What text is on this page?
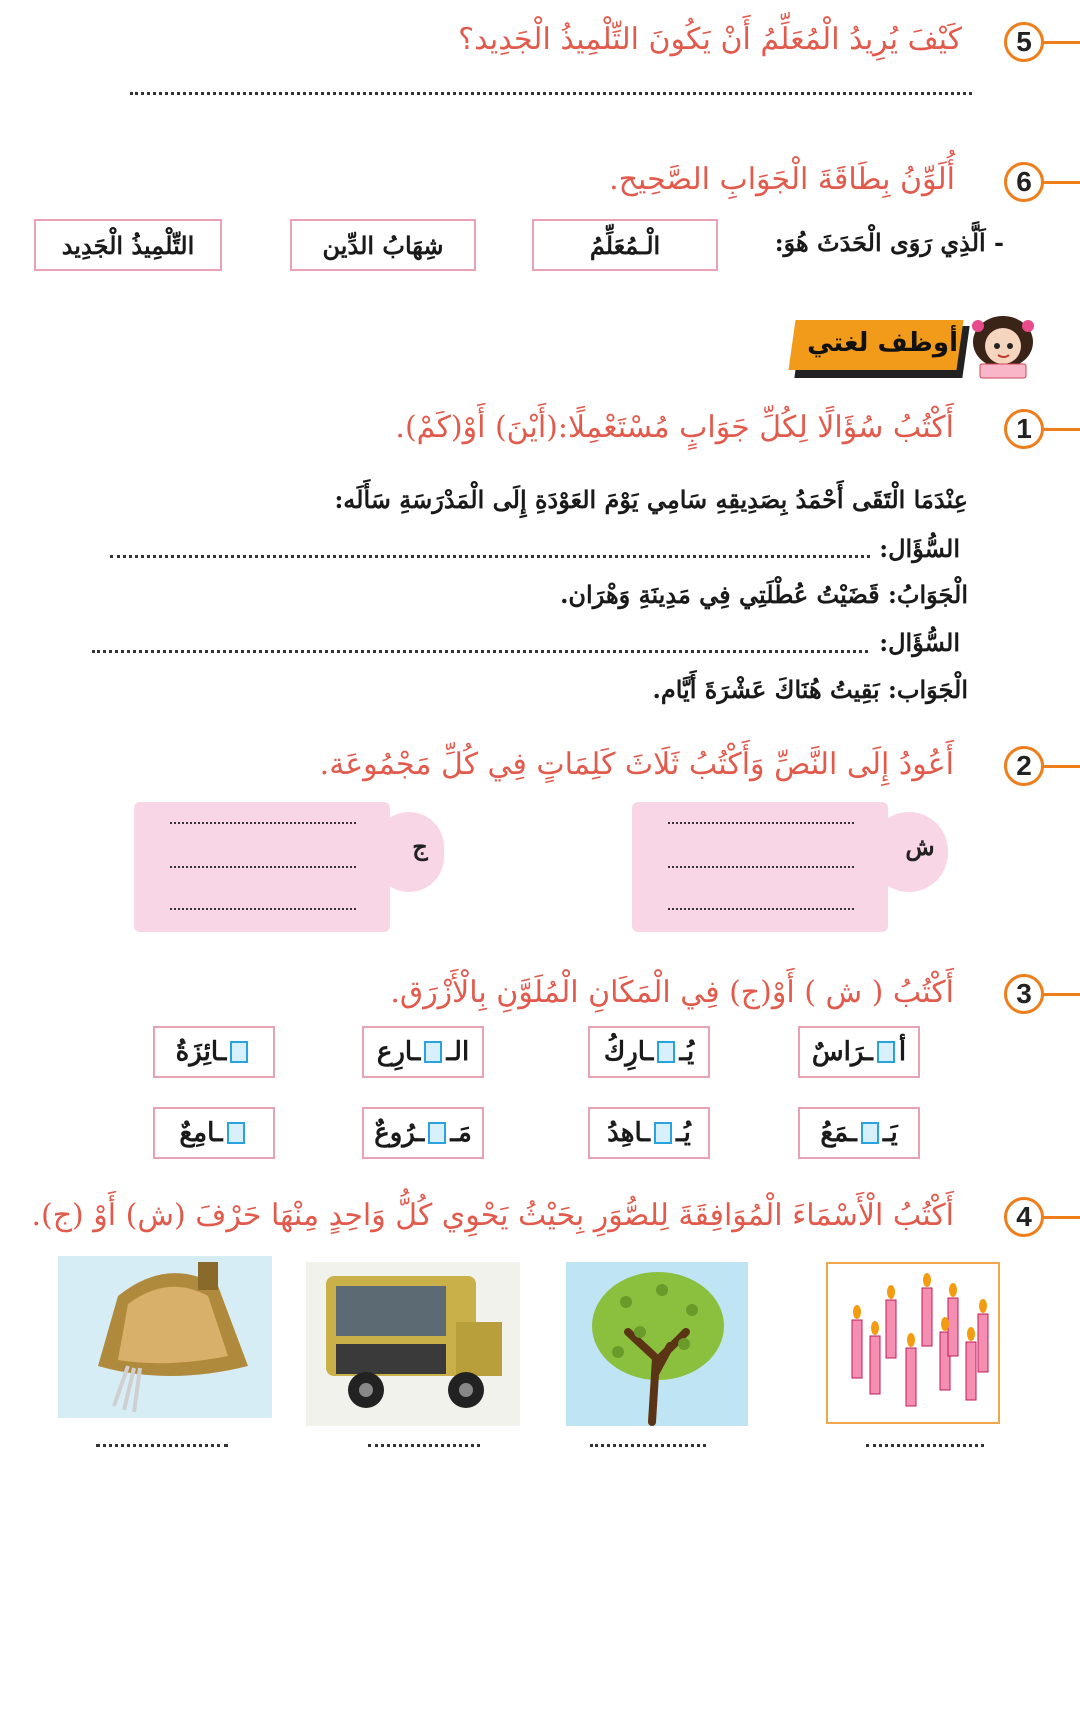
5
كَيْفَ يُرِيدُ الْمُعَلِّمُ أَنْ يَكُونَ التِّلْمِيذُ الْجَدِيد؟
6
أُلَوِّنُ بِطَاقَةَ الْجَوَابِ الصَّحِيح.
- اَلَّذِي رَوَى الْحَدَثَ هُوَ:
الْـمُعَلِّمُ
شِهَابُ الدِّين
التِّلْمِيذُ الْجَدِيد
أوظف لغتي
1
أَكْتُبُ سُؤَالًا لِكُلِّ جَوَابٍ مُسْتَعْمِلًا:(أَيْنَ) أَوْ(كَمْ).
عِنْدَمَا الْتَقَى أَحْمَدُ بِصَدِيقِهِ سَامِي يَوْمَ العَوْدَةِ إِلَى الْمَدْرَسَةِ سَأَلَه:
السُّؤَال:
الْجَوَابُ: قَضَيْتُ عُطْلَتِي فِي مَدِينَةِ وَهْرَان.
السُّؤَال:
الْجَوَاب: بَقِيتُ هُنَاكَ عَشْرَةَ أَيَّام.
2
أَعُودُ إِلَى النَّصِّ وَأَكْتُبُ ثَلَاثَ كَلِمَاتٍ فِي كُلِّ مَجْمُوعَة.
ش
ج
3
أَكْتُبُ ( ش ) أَوْ(ج) فِي الْمَكَانِ الْمُلَوَّنِ بِالْأَزْرَق.
أ
ـرَاسٌ
يُـ
ـارِكُ
الـ
ـارِع
ـائِزَةُ
يَـ
ـمَعُ
يُـ
ـاهِدُ
مَـ
ـرُوعٌ
ـامِعٌ
4
أَكْتُبُ الْأَسْمَاءَ الْمُوَافِقَةَ لِلصُّوَرِ بِحَيْثُ يَحْوِي كُلُّ وَاحِدٍ مِنْهَا حَرْفَ (ش) أَوْ (ج).
